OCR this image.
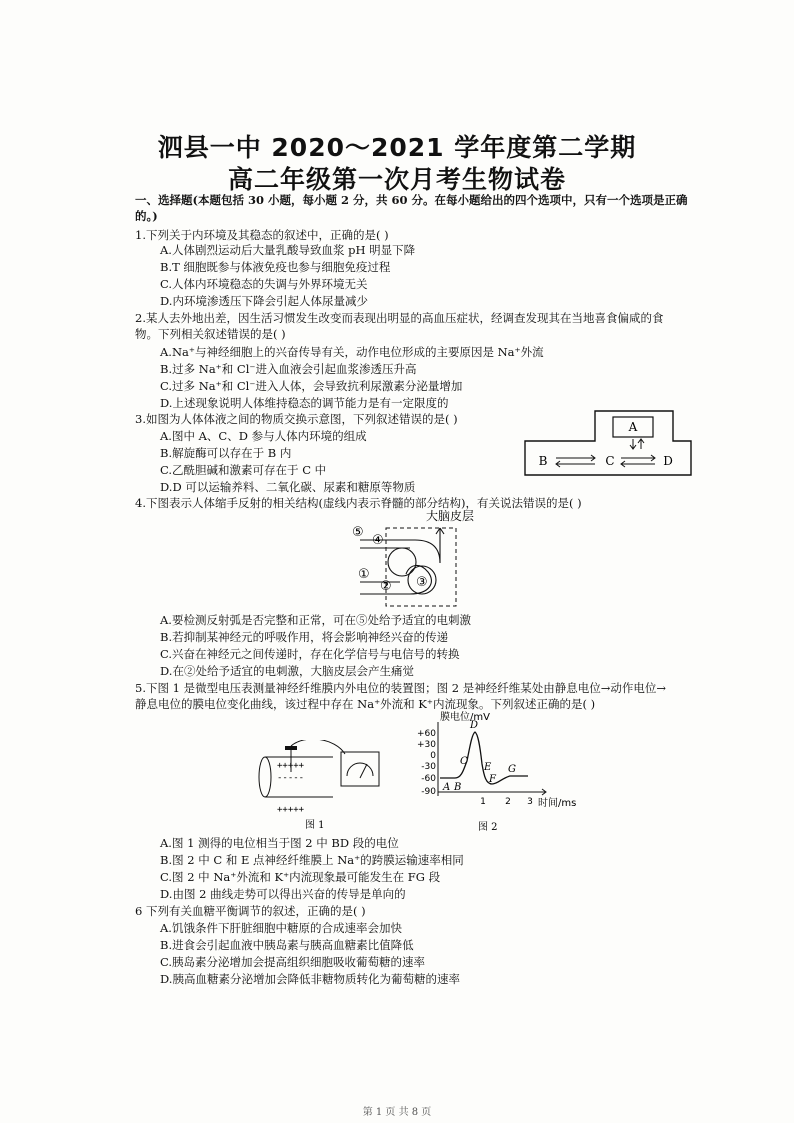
泗县一中 2020～2021 学年度第二学期
高二年级第一次月考生物试卷
一、选择题(本题包括 30 小题，每小题 2 分，共 60 分。在每小题给出的四个选项中，只有一个选项是正确
的。)
1.下列关于内环境及其稳态的叙述中，正确的是( )
A.人体剧烈运动后大量乳酸导致血浆 pH 明显下降
B.T 细胞既参与体液免疫也参与细胞免疫过程
C.人体内环境稳态的失调与外界环境无关
D.内环境渗透压下降会引起人体尿量减少
2.某人去外地出差，因生活习惯发生改变而表现出明显的高血压症状，经调查发现其在当地喜食偏咸的食
物。下列相关叙述错误的是( )
A.Na⁺与神经细胞上的兴奋传导有关，动作电位形成的主要原因是 Na⁺外流
B.过多 Na⁺和 Cl⁻进入血液会引起血浆渗透压升高
C.过多 Na⁺和 Cl⁻进入人体，会导致抗利尿激素分泌量增加
D.上述现象说明人体维持稳态的调节能力是有一定限度的
3.如图为人体体液之间的物质交换示意图，下列叙述错误的是( )
A.图中 A、C、D 参与人体内环境的组成
B.解旋酶可以存在于 B 内
C.乙酰胆碱和激素可存在于 C 中
D.D 可以运输养料、二氧化碳、尿素和糖原等物质
A
B	C	D
4.下图表示人体缩手反射的相关结构(虚线内表示脊髓的部分结构)，有关说法错误的是( )
大脑皮层
⑤
④
①
② ③
A.要检测反射弧是否完整和正常，可在⑤处给予适宜的电刺激
B.若抑制某神经元的呼吸作用，将会影响神经兴奋的传递
C.兴奋在神经元之间传递时，存在化学信号与电信号的转换
D.在②处给予适宜的电刺激，大脑皮层会产生痛觉
5.下图 1 是微型电压表测量神经纤维膜内外电位的装置图；图 2 是神经纤维某处由静息电位→动作电位→
静息电位的膜电位变化曲线，该过程中存在 Na⁺外流和 K⁺内流现象。下列叙述正确的是( )
+++++
-----
+++++
图 1
膜电位/mV
+60
+30
0
-30
-60
-90
1 2 3 时间/ms
A B
C
D
E
F
G
图 2
A.图 1 测得的电位相当于图 2 中 BD 段的电位
B.图 2 中 C 和 E 点神经纤维膜上 Na⁺的跨膜运输速率相同
C.图 2 中 Na⁺外流和 K⁺内流现象最可能发生在 FG 段
D.由图 2 曲线走势可以得出兴奋的传导是单向的
6 下列有关血糖平衡调节的叙述，正确的是( )
A.饥饿条件下肝脏细胞中糖原的合成速率会加快
B.进食会引起血液中胰岛素与胰高血糖素比值降低
C.胰岛素分泌增加会提高组织细胞吸收葡萄糖的速率
D.胰高血糖素分泌增加会降低非糖物质转化为葡萄糖的速率
第 1 页 共 8 页
